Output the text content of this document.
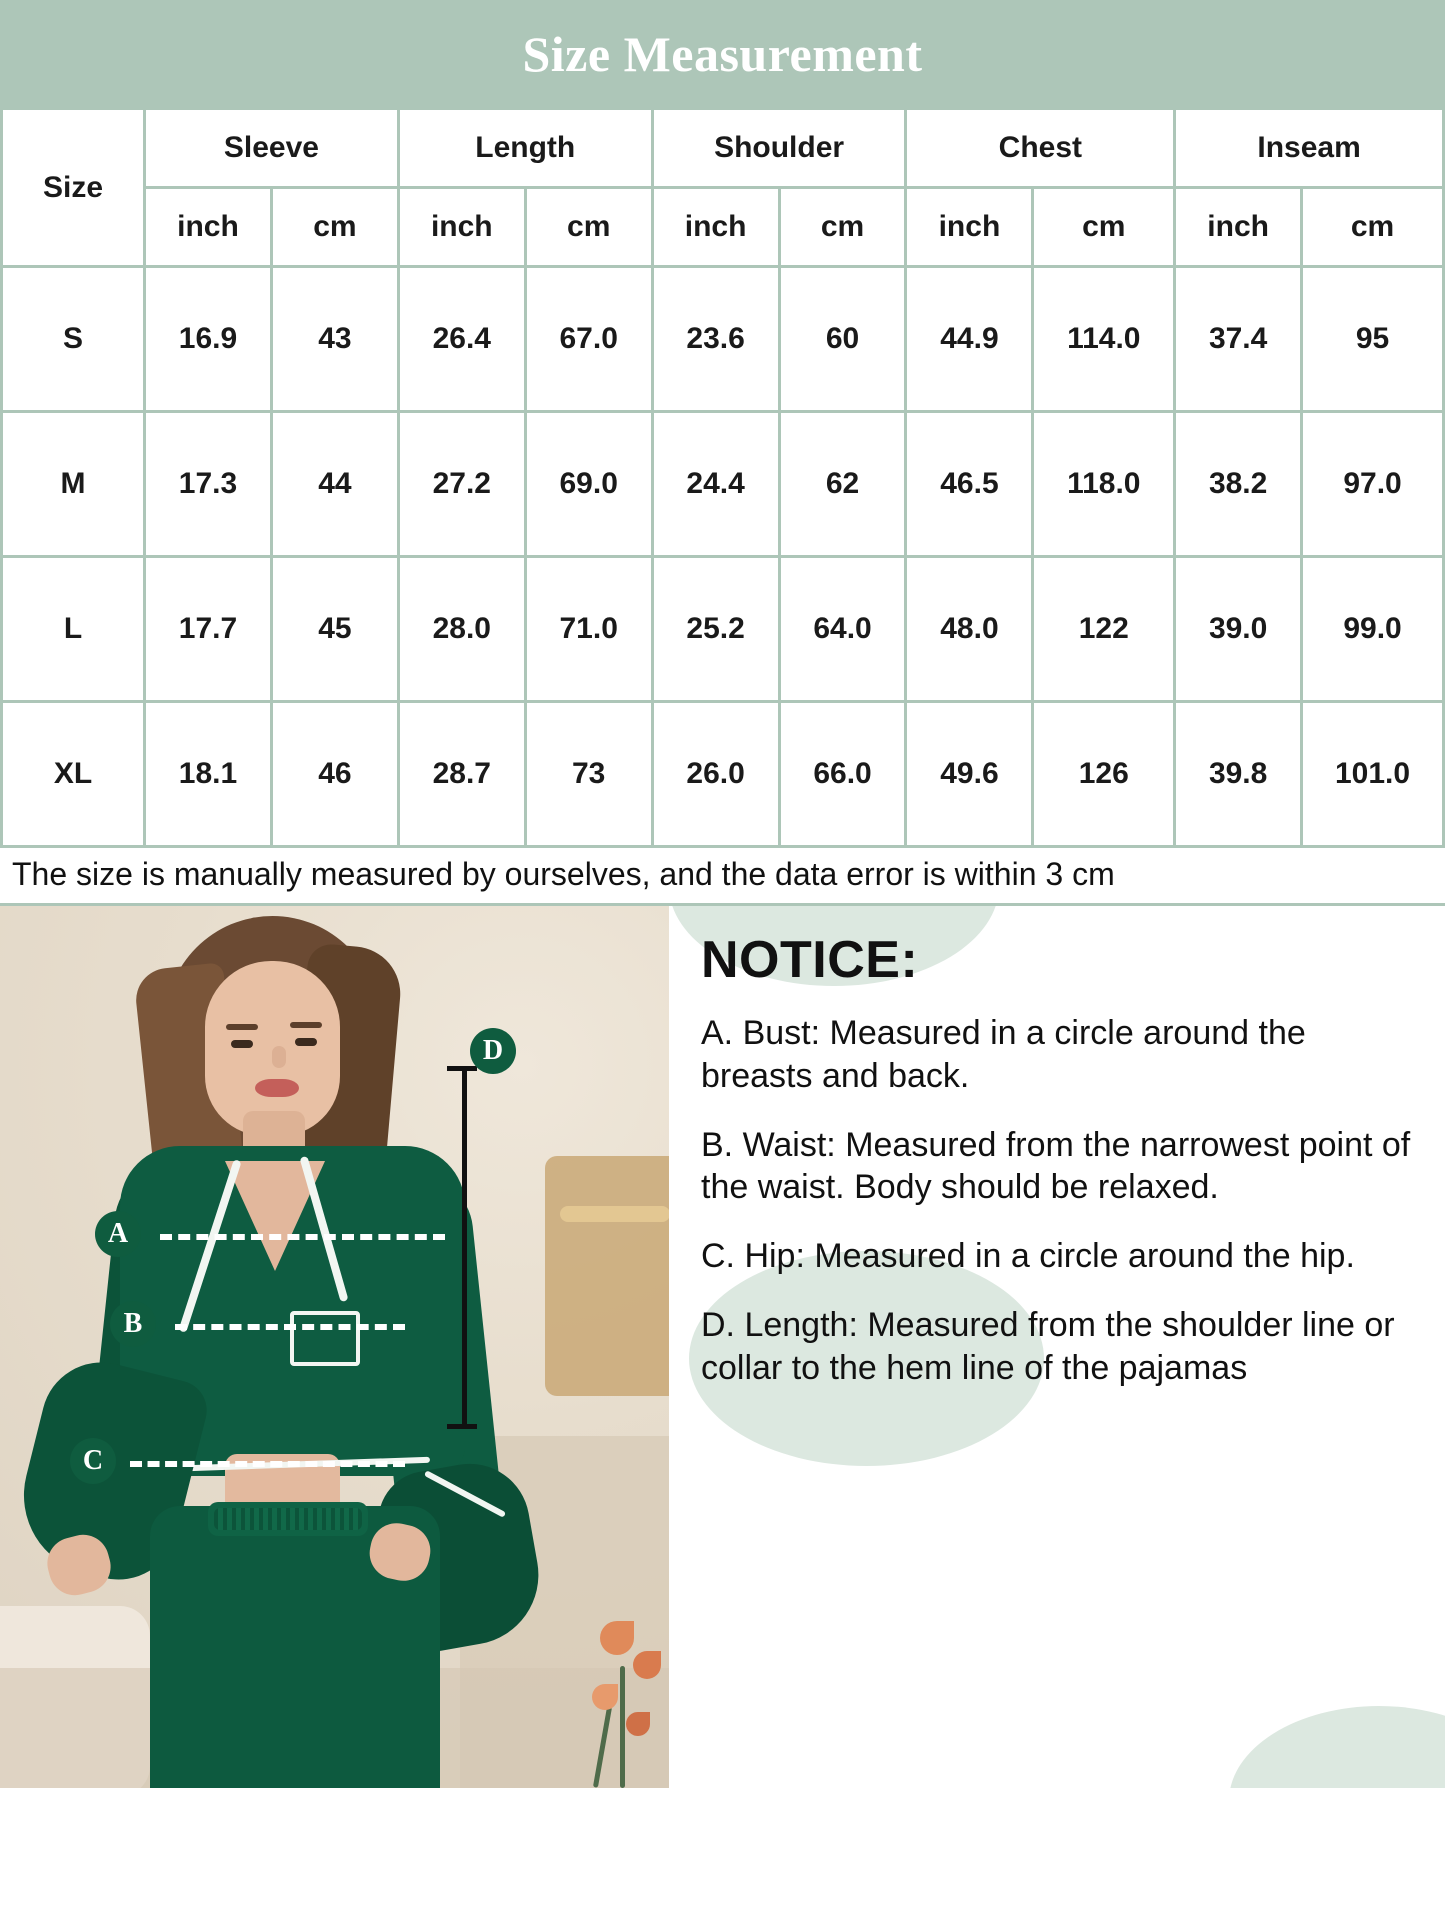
Size Measurement
Size	Sleeve		Length		Shoulder		Chest		Inseam	
	inch	cm	inch	cm	inch	cm	inch	cm	inch	cm
S	16.9	43	26.4	67.0	23.6	60	44.9	114.0	37.4	95
M	17.3	44	27.2	69.0	24.4	62	46.5	118.0	38.2	97.0
L	17.7	45	28.0	71.0	25.2	64.0	48.0	122	39.0	99.0
XL	18.1	46	28.7	73	26.0	66.0	49.6	126	39.8	101.0
The size is manually measured by ourselves, and the data error is within 3 cm
A
B
C
D
NOTICE:
A. Bust: Measured in a circle around the breasts and back.
B. Waist: Measured from the narrowest point of the waist. Body should be relaxed.
C. Hip: Measured in a circle around the hip.
D. Length: Measured from the shoulder line or collar to the hem line of the pajamas
